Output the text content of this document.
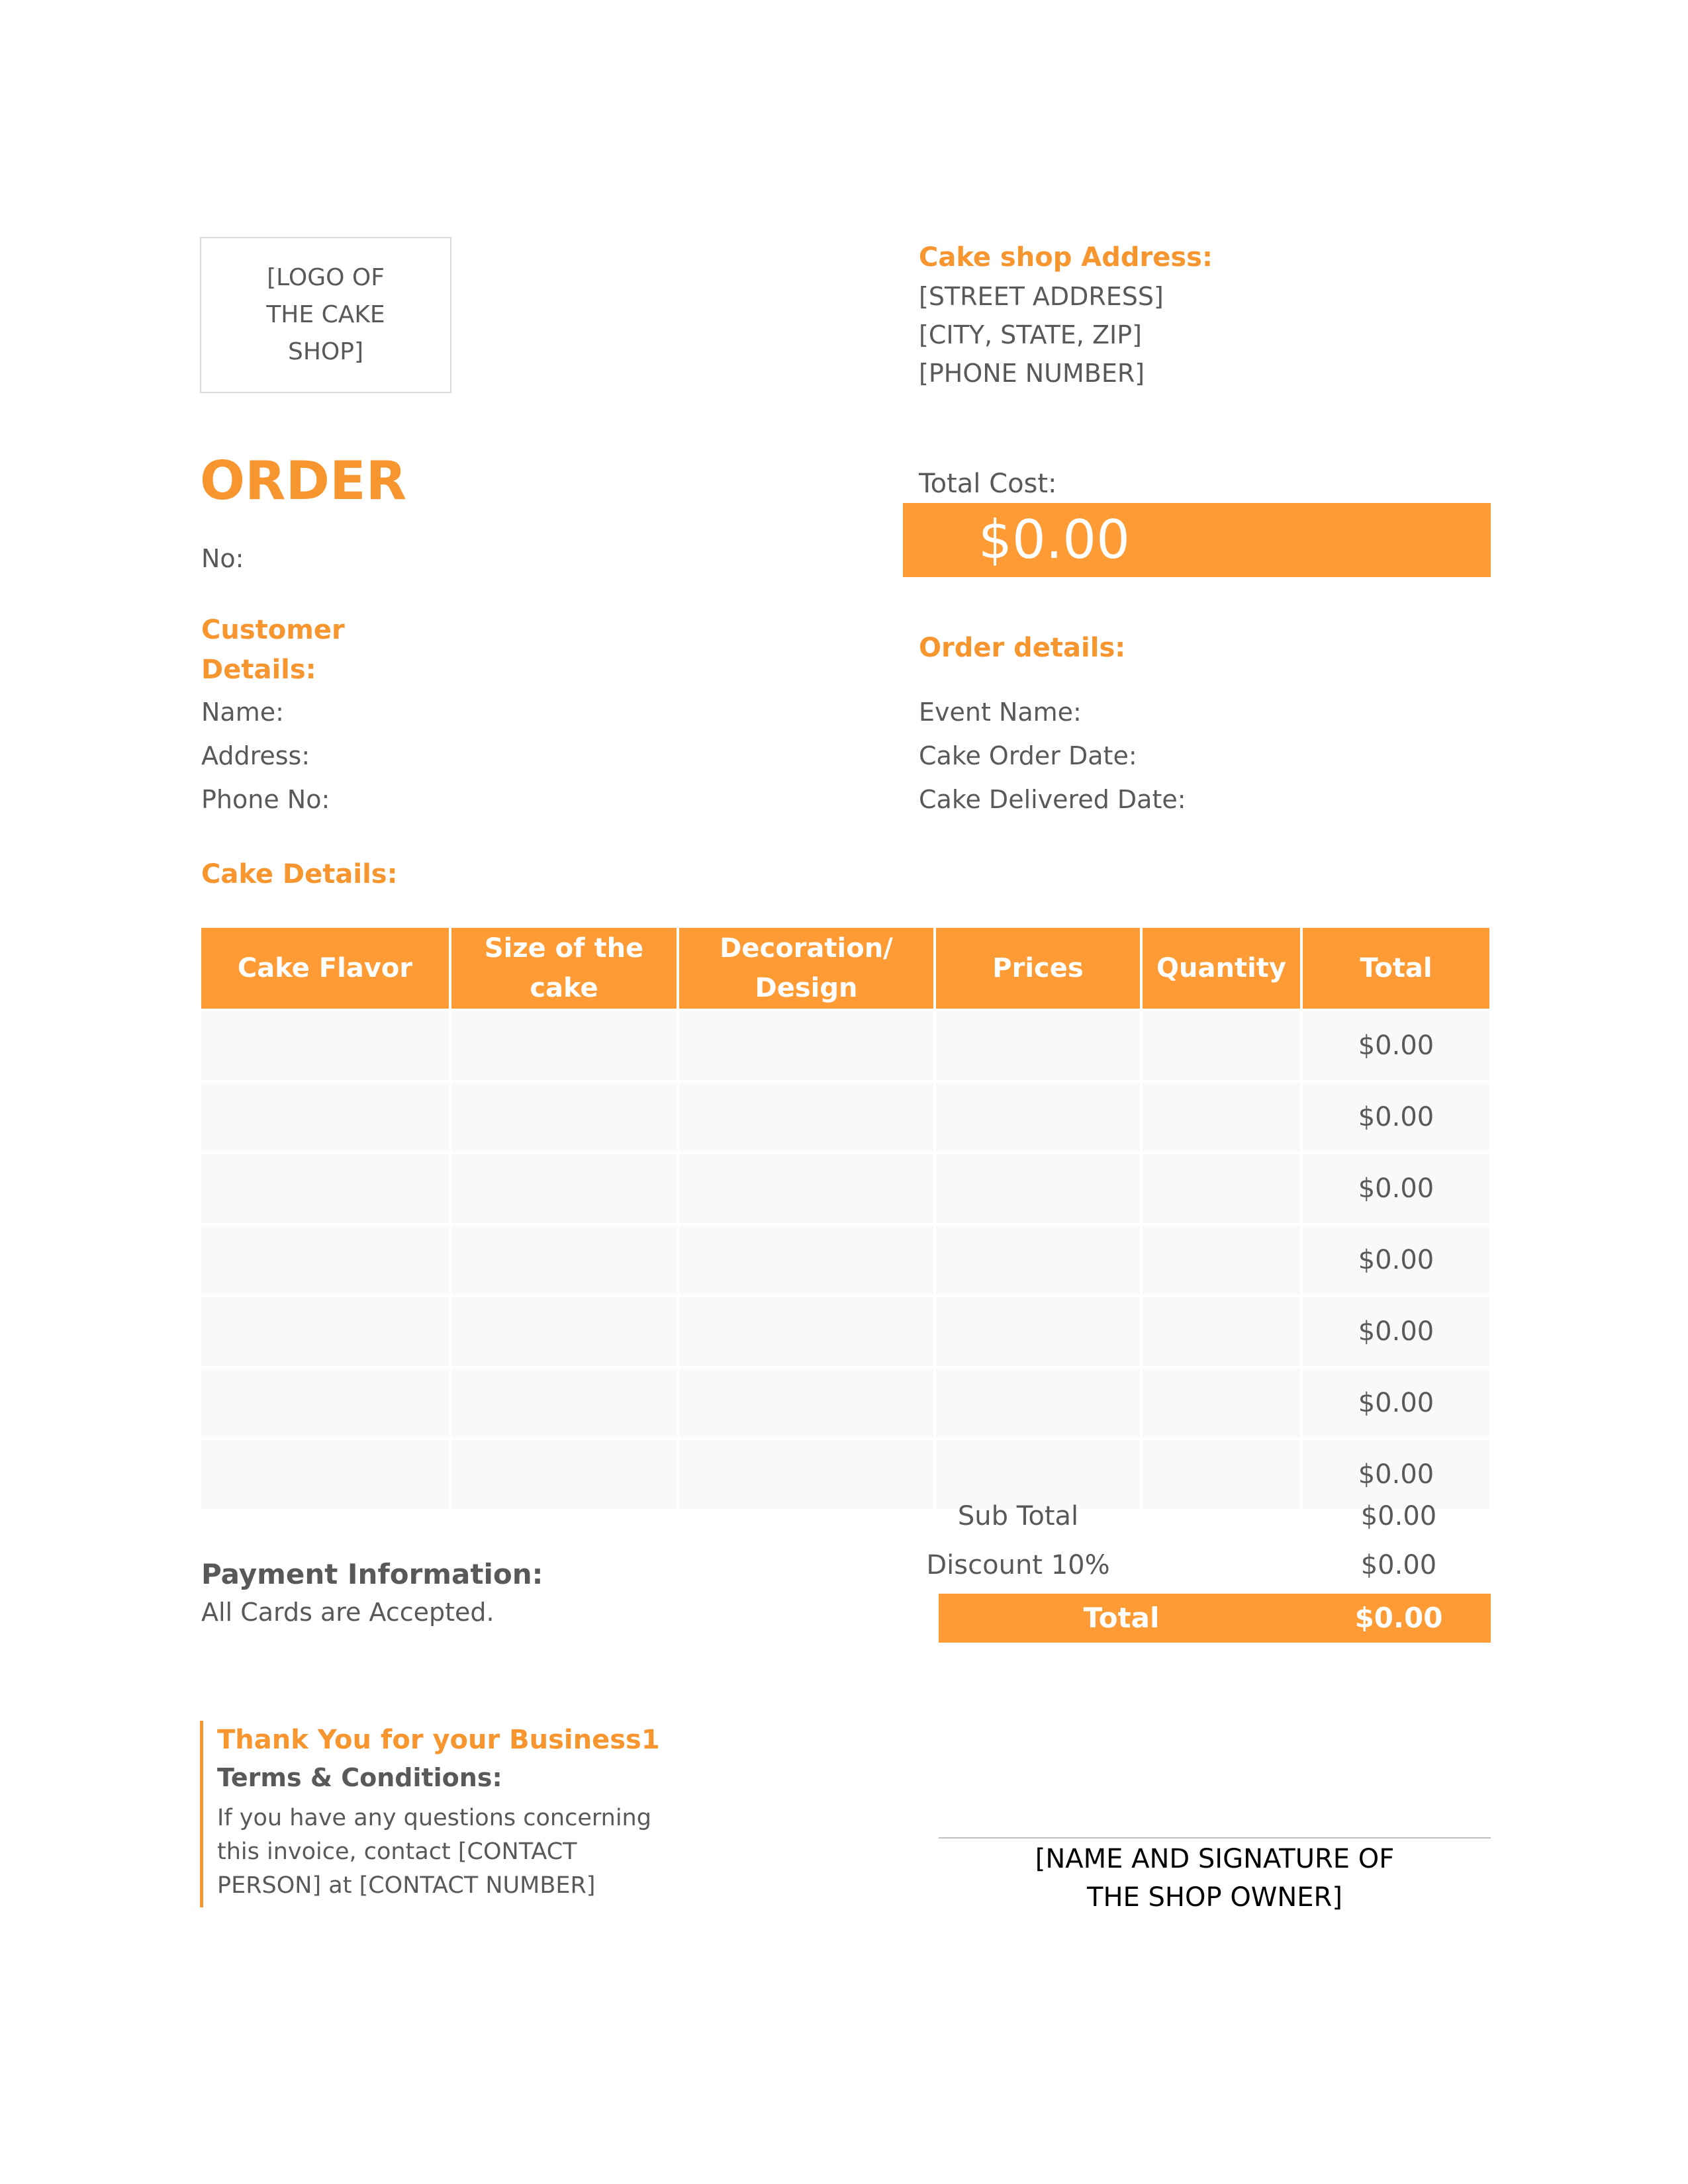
[LOGO OF THE CAKE SHOP]
Cake shop Address:
[STREET ADDRESS]
[CITY, STATE, ZIP]
[PHONE NUMBER]
ORDER
No:
Total Cost:
$0.00
Customer Details:
Name:
Address:
Phone No:
Order details:
Event Name:
Cake Order Date:
Cake Delivered Date:
Cake Details:
Cake Flavor	Size of the cake	Decoration/ Design	Prices	Quantity	Total
					$0.00
					$0.00
					$0.00
					$0.00
					$0.00
					$0.00
					$0.00
Sub Total	$0.00
Discount 10%	$0.00
Total	$0.00
Payment Information:
All Cards are Accepted.
Thank You for your Business1
Terms & Conditions:
If you have any questions concerning this invoice, contact [CONTACT PERSON] at [CONTACT NUMBER]
[NAME AND SIGNATURE OF THE SHOP OWNER]
